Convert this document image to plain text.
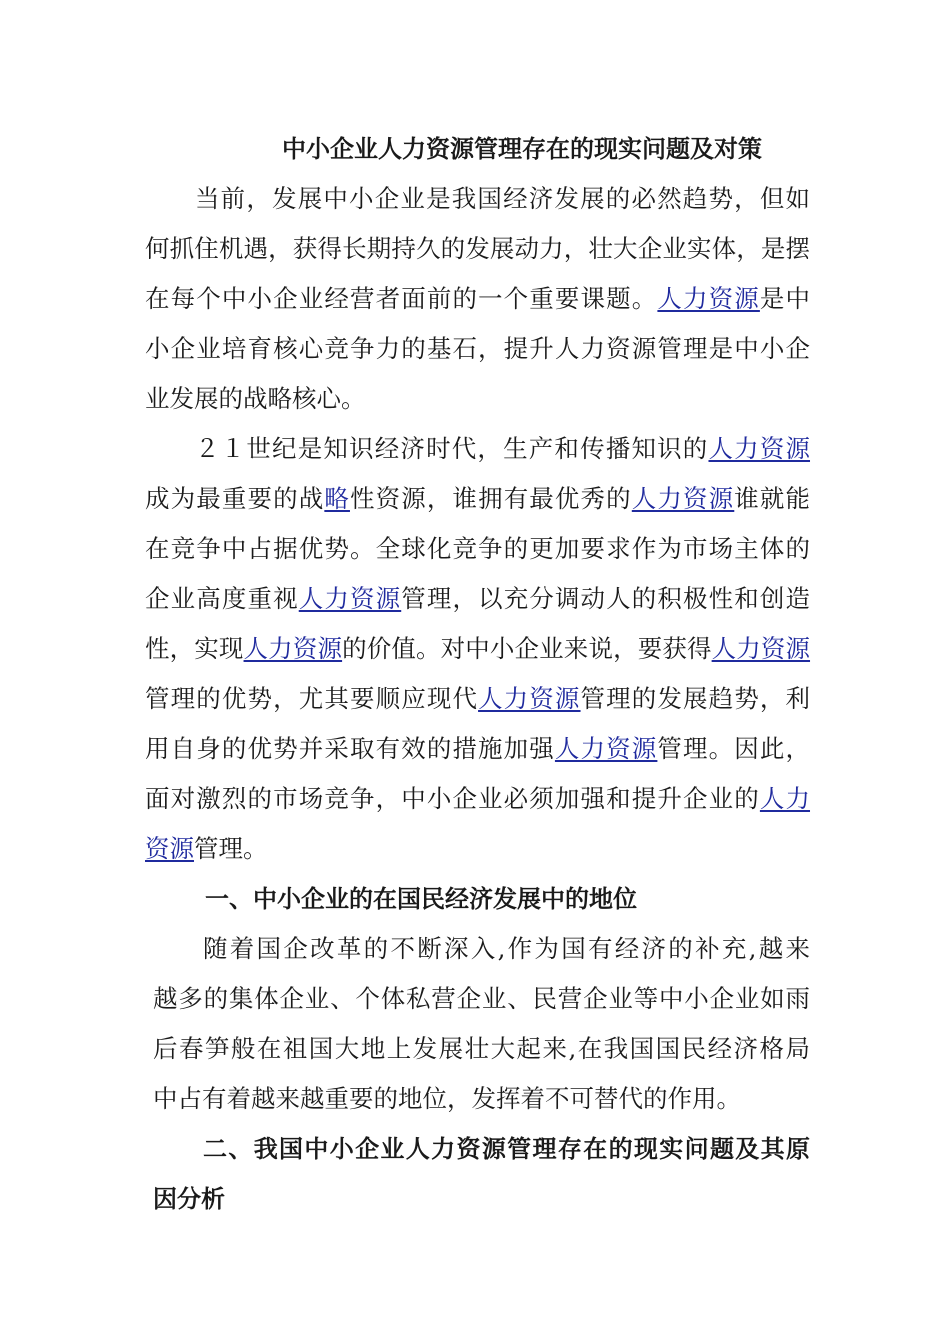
中小企业人力资源管理存在的现实问题及对策
当前，发展中小企业是我国经济发展的必然趋势，但如
何抓住机遇，获得长期持久的发展动力，壮大企业实体，是摆
在每个中小企业经营者面前的一个重要课题。人力资源是中
小企业培育核心竞争力的基石，提升人力资源管理是中小企
业发展的战略核心。
２１世纪是知识经济时代，生产和传播知识的人力资源
成为最重要的战略性资源，谁拥有最优秀的人力资源谁就能
在竞争中占据优势。全球化竞争的更加要求作为市场主体的
企业高度重视人力资源管理，以充分调动人的积极性和创造
性，实现人力资源的价值。对中小企业来说，要获得人力资源
管理的优势，尤其要顺应现代人力资源管理的发展趋势，利
用自身的优势并采取有效的措施加强人力资源管理。因此，
面对激烈的市场竞争，中小企业必须加强和提升企业的人力
资源管理。
一、中小企业的在国民经济发展中的地位
随着国企改革的不断深入,作为国有经济的补充,越来
越多的集体企业、个体私营企业、民营企业等中小企业如雨
后春笋般在祖国大地上发展壮大起来,在我国国民经济格局
中占有着越来越重要的地位，发挥着不可替代的作用。
二、我国中小企业人力资源管理存在的现实问题及其原
因分析
